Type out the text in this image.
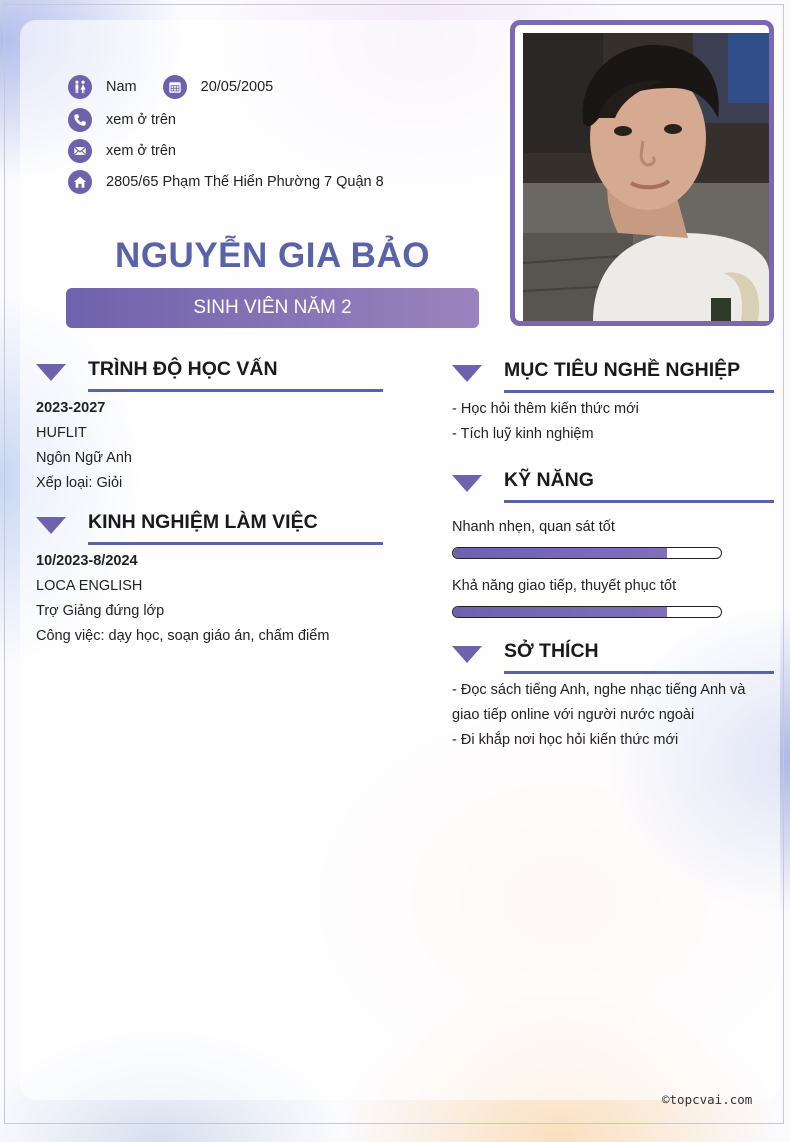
Nam	20/05/2005
xem ở trên
xem ở trên
2805/65 Phạm Thế Hiển Phường 7 Quận 8
NGUYỄN GIA BẢO
SINH VIÊN NĂM 2
TRÌNH ĐỘ HỌC VẤN
2023-2027
HUFLIT
Ngôn Ngữ Anh
Xếp loại: Giỏi
KINH NGHIỆM LÀM VIỆC
10/2023-8/2024
LOCA ENGLISH
Trợ Giảng đứng lớp
Công việc: dạy học, soạn giáo án, chấm điểm
MỤC TIÊU NGHỀ NGHIỆP
- Học hỏi thêm kiến thức mới
- Tích luỹ kinh nghiệm
KỸ NĂNG
Nhanh nhẹn, quan sát tốt
Khả năng giao tiếp, thuyết phục tốt
SỞ THÍCH
- Đọc sách tiếng Anh, nghe nhạc tiếng Anh và
giao tiếp online với người nước ngoài
- Đi khắp nơi học hỏi kiến thức mới
©topcvai.com
